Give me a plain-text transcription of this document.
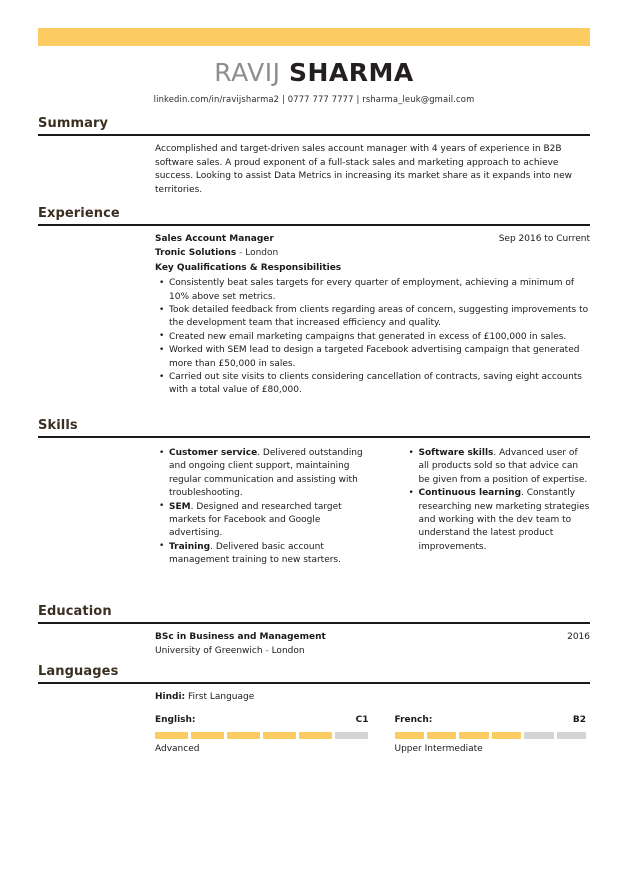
RAVIJ SHARMA
linkedin.com/in/ravijsharma2 | 0777 777 7777 | rsharma_leuk@gmail.com
Summary

Accomplished and target-driven sales account manager with 4 years of experience in B2B software sales. A proud exponent of a full-stack sales and marketing approach to achieve success. Looking to assist Data Metrics in increasing its market share as it expands into new territories.

Experience
Sales Account Manager	Sep 2016 to Current
Tronic Solutions - London
Key Qualifications & Responsibilities
• Consistently beat sales targets for every quarter of employment, achieving a minimum of 10% above set metrics.
• Took detailed feedback from clients regarding areas of concern, suggesting improvements to the development team that increased efficiency and quality.
• Created new email marketing campaigns that generated in excess of £100,000 in sales.
• Worked with SEM lead to design a targeted Facebook advertising campaign that generated more than £50,000 in sales.
• Carried out site visits to clients considering cancellation of contracts, saving eight accounts with a total value of £80,000.
Skills
• Customer service. Delivered outstanding and ongoing client support, maintaining regular communication and assisting with troubleshooting.
• SEM. Designed and researched target markets for Facebook and Google advertising.
• Training. Delivered basic account management training to new starters.
• Software skills. Advanced user of all products sold so that advice can be given from a position of expertise.
• Continuous learning. Constantly researching new marketing strategies and working with the dev team to understand the latest product improvements.
Education
BSc in Business and Management	2016
University of Greenwich - London
Languages
Hindi: First Language
English:	C1
Advanced
French:	B2
Upper Intermediate
